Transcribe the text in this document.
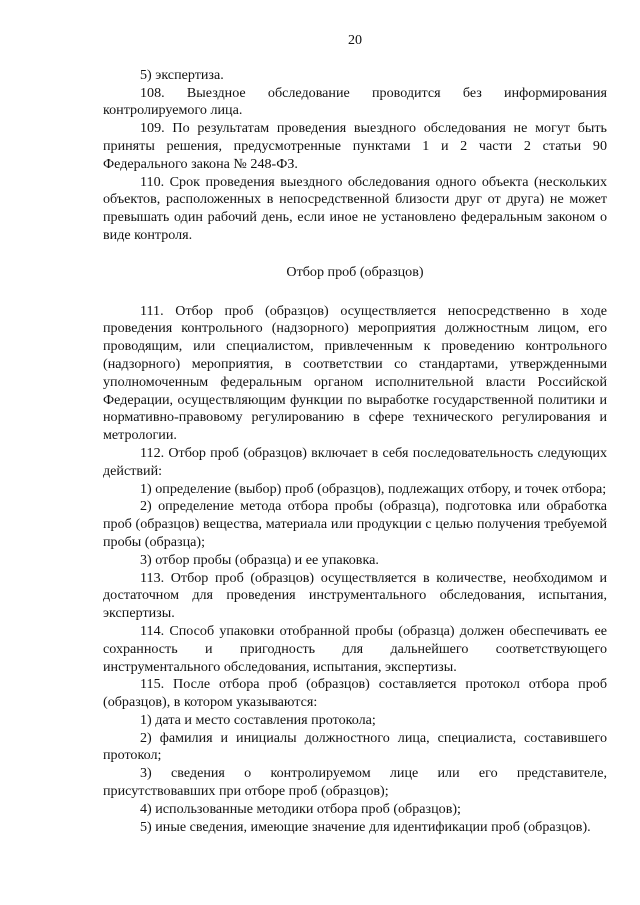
20

5) экспертиза.

108. Выездное обследование проводится без информирования контролируемого лица.

109. По результатам проведения выездного обследования не могут быть приняты решения, предусмотренные пунктами 1 и 2 части 2 статьи 90 Федерального закона № 248-ФЗ.

110. Срок проведения выездного обследования одного объекта (нескольких объектов, расположенных в непосредственной близости друг от друга) не может превышать один рабочий день, если иное не установлено федеральным законом о виде контроля.

Отбор проб (образцов)

111. Отбор проб (образцов) осуществляется непосредственно в ходе проведения контрольного (надзорного) мероприятия должностным лицом, его проводящим, или специалистом, привлеченным к проведению контрольного (надзорного) мероприятия, в соответствии со стандартами, утвержденными уполномоченным федеральным органом исполнительной власти Российской Федерации, осуществляющим функции по выработке государственной политики и нормативно-правовому регулированию в сфере технического регулирования и метрологии.

112. Отбор проб (образцов) включает в себя последовательность следующих действий:

1) определение (выбор) проб (образцов), подлежащих отбору, и точек отбора;

2) определение метода отбора пробы (образца), подготовка или обработка проб (образцов) вещества, материала или продукции с целью получения требуемой пробы (образца);

3) отбор пробы (образца) и ее упаковка.

113. Отбор проб (образцов) осуществляется в количестве, необходимом и достаточном для проведения инструментального обследования, испытания, экспертизы.

114. Способ упаковки отобранной пробы (образца) должен обеспечивать ее сохранность и пригодность для дальнейшего соответствующего инструментального обследования, испытания, экспертизы.

115. После отбора проб (образцов) составляется протокол отбора проб (образцов), в котором указываются:

1) дата и место составления протокола;

2) фамилия и инициалы должностного лица, специалиста, составившего протокол;

3) сведения о контролируемом лице или его представителе, присутствовавших при отборе проб (образцов);

4) использованные методики отбора проб (образцов);

5) иные сведения, имеющие значение для идентификации проб (образцов).
